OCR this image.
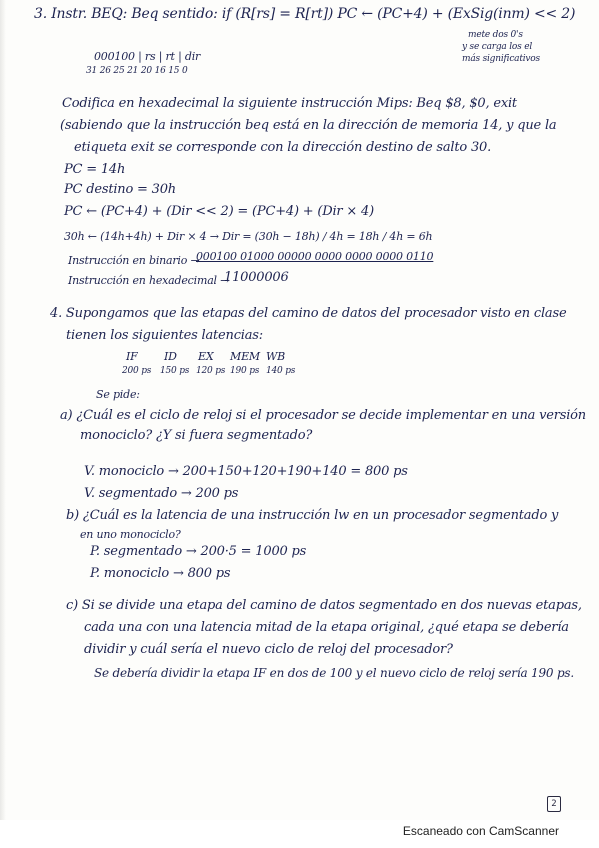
3. Instr. BEQ: Beq sentido: if (R[rs] = R[rt]) PC ← (PC+4) + (ExSig(inm) << 2)
mete dos 0's
y se carga los el
más significativos
000100 | rs | rt | dir
31 26 25 21 20 16 15 0
Codifica en hexadecimal la siguiente instrucción Mips: Beq $8, $0, exit
(sabiendo que la instrucción beq está en la dirección de memoria 14, y que la
etiqueta exit se corresponde con la dirección destino de salto 30.
PC = 14h
PC destino = 30h
PC ← (PC+4) + (Dir << 2) = (PC+4) + (Dir × 4)
30h ← (14h+4h) + Dir × 4 → Dir = (30h − 18h) / 4h = 18h / 4h = 6h
Instrucción en binario →
000100 01000 00000 0000 0000 0000 0110
Instrucción en hexadecimal →
11000006
4. Supongamos que las etapas del camino de datos del procesador visto en clase
tienen los siguientes latencias:
IF ID EX MEM WB
200 ps 150 ps 120 ps 190 ps 140 ps
Se pide:
a) ¿Cuál es el ciclo de reloj si el procesador se decide implementar en una versión
monociclo? ¿Y si fuera segmentado?
V. monociclo → 200+150+120+190+140 = 800 ps
V. segmentado → 200 ps
b) ¿Cuál es la latencia de una instrucción lw en un procesador segmentado y
en uno monociclo?
P. segmentado → 200·5 = 1000 ps
P. monociclo → 800 ps
c) Si se divide una etapa del camino de datos segmentado en dos nuevas etapas,
cada una con una latencia mitad de la etapa original, ¿qué etapa se debería
dividir y cuál sería el nuevo ciclo de reloj del procesador?
Se debería dividir la etapa IF en dos de 100 y el nuevo ciclo de reloj sería 190 ps.
2
Escaneado con CamScanner
